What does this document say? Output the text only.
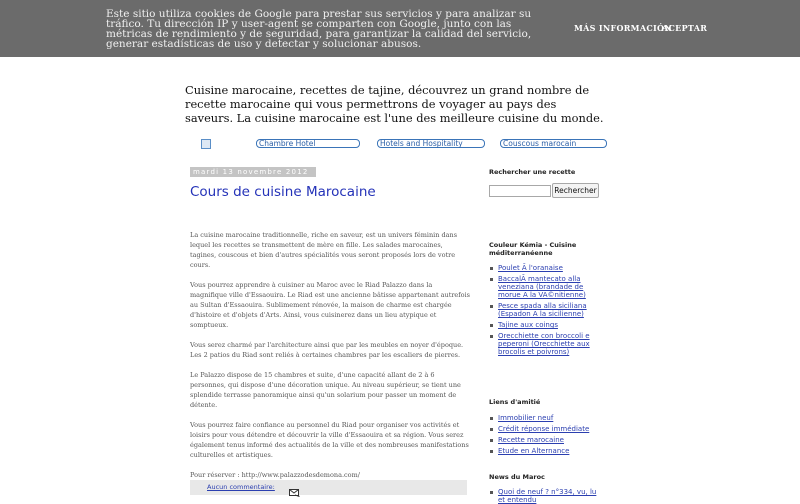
Este sitio utiliza cookies de Google para prestar sus servicios y para analizar su tráfico. Tu dirección IP y user-agent se comparten con Google, junto con las métricas de rendimiento y de seguridad, para garantizar la calidad del servicio, generar estadísticas de uso y detectar y solucionar abusos.
MÁS INFORMACIÓN
ACEPTAR
Cuisine marocaine, recettes de tajine, découvrez un grand nombre de recette marocaine qui vous permettrons de voyager au pays des saveurs. La cuisine marocaine est l'une des meilleure cuisine du monde.
Chambre Hotel	Hotels and Hospitality	Couscous marocain
mardi 13 novembre 2012
Cours de cuisine Marocaine

La cuisine marocaine traditionnelle, riche en saveur, est un univers féminin dans lequel les recettes se transmettent de mère en fille. Les salades marocaines, tagines, couscous et bien d'autres spécialités vous seront proposés lors de votre cours.

Vous pourrez apprendre à cuisiner au Maroc avec le Riad Palazzo dans la magnifique ville d'Essaouira. Le Riad est une ancienne bâtisse appartenant autrefois au Sultan d'Essaouira. Sublimement rénovée, la maison de charme est chargée d'histoire et d'objets d'Arts. Ainsi, vous cuisinerez dans un lieu atypique et somptueux.

Vous serez charmé par l'architecture ainsi que par les meubles en noyer d'époque. Les 2 patios du Riad sont reliés à certaines chambres par les escaliers de pierres.

Le Palazzo dispose de 15 chambres et suite, d'une capacité allant de 2 à 6 personnes, qui dispose d'une décoration unique. Au niveau supérieur, se tient une splendide terrasse panoramique ainsi qu'un solarium pour passer un moment de détente.

Vous pourrez faire confiance au personnel du Riad pour organiser vos activités et loisirs pour vous détendre et découvrir la ville d'Essaouira et sa région. Vous serez également tenus informé des actualités de la ville et des nombreuses manifestations culturelles et artistiques.

Pour réserver : http://www.palazzodesdemona.com/

Aucun commentaire:
Rechercher une recette
Rechercher
Couleur Kémia - Cuisine méditerranéenne
Poulet Ã l'oranaise
BaccalÃ mantecato alla veneziana (brandade de morue Ã la VÃ©nitienne)
Pesce spada alla siciliana (Espadon Ã la sicilienne)
Tajine aux coings
Orecchiette con broccoli e peperoni (Orecchiette aux brocolis et poivrons)
Liens d'amitié
Immobilier neuf
Crédit réponse immédiate
Recette marocaine
Etude en Alternance
News du Maroc
Quoi de neuf ? n°334, vu, lu et entendu
